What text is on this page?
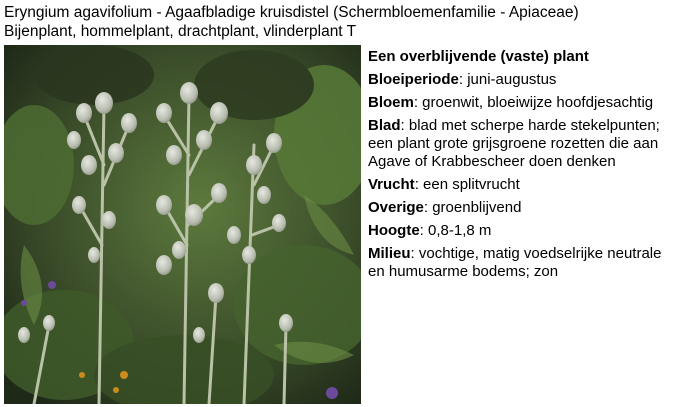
Eryngium agavifolium - Agaafbladige kruisdistel (Schermbloemenfamilie - Apiaceae)
Bijenplant, hommelplant, drachtplant, vlinderplant T
Een overblijvende (vaste) plant
Bloeiperiode: juni-augustus
Bloem: groenwit, bloeiwijze hoofdjesachtig
Blad: blad met scherpe harde stekelpunten;
een plant grote grijsgroene rozetten die aan
Agave of Krabbescheer doen denken
Vrucht: een splitvrucht
Overige: groenblijvend
Hoogte: 0,8-1,8 m
Milieu: vochtige, matig voedselrijke neutrale
en humusarme bodems; zon
